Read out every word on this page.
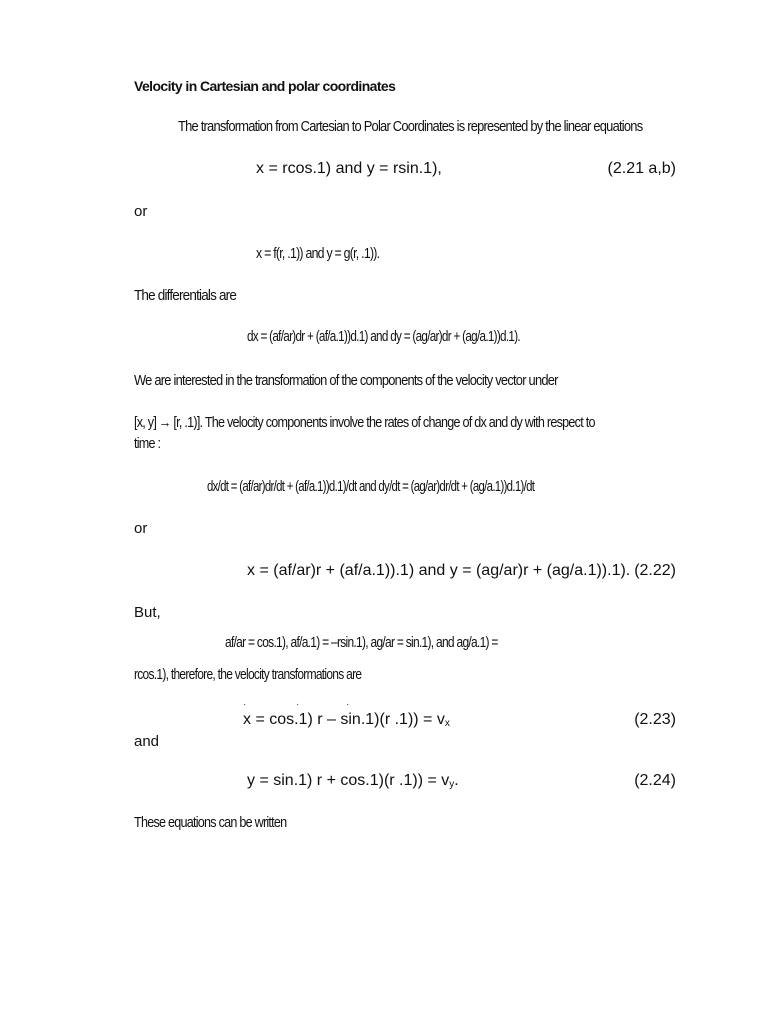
Velocity in Cartesian and polar coordinates
The transformation from Cartesian to Polar Coordinates is represented by the linear equations
x = rcos.1) and y = rsin.1),	(2.21 a,b)
or
x = f(r, .1)) and y = g(r, .1)).
The differentials are
dx = (af/ar)dr + (af/a.1))d.1) and dy = (ag/ar)dr + (ag/a.1))d.1).
We are interested in the transformation of the components of the velocity vector under
[x, y] → [r, .1)]. The velocity components involve the rates of change of dx and dy with respect to
time :
dx/dt = (af/ar)dr/dt + (af/a.1))d.1)/dt and dy/dt = (ag/ar)dr/dt + (ag/a.1))d.1)/dt
or
x = (af/ar)r + (af/a.1)).1) and y = (ag/ar)r + (ag/a.1)).1). (2.22)
But,
af/ar = cos.1), af/a.1) = –rsin.1), ag/ar = sin.1), and ag/a.1) =
rcos.1), therefore, the velocity transformations are
·	·	·
x = cos.1) r – sin.1)(r $.1)) = v_x$	(2.23)
and
y = sin.1) r + cos.1)(r $.1)) = v_y$.	(2.24)
These equations can be written
